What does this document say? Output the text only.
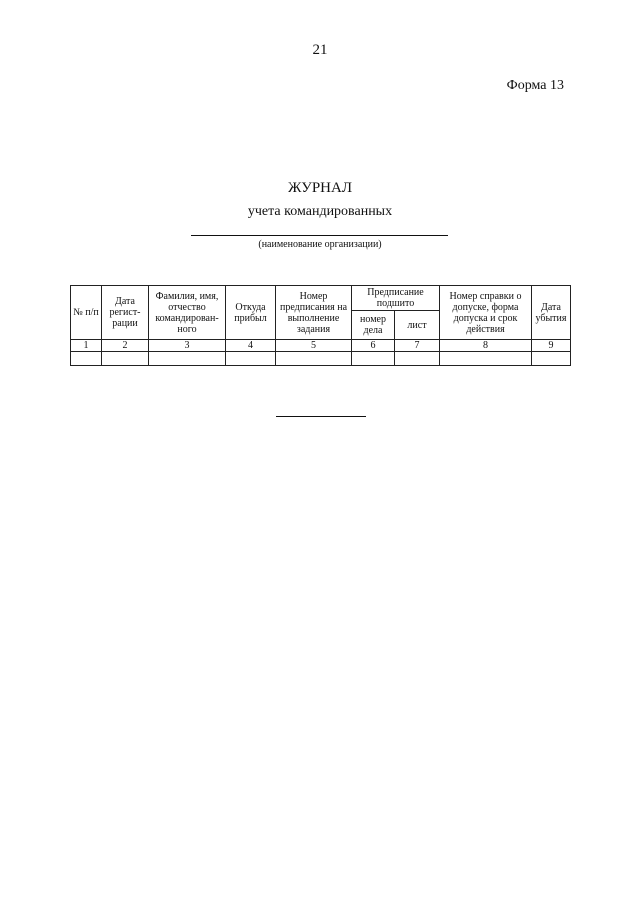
21
Форма 13
ЖУРНАЛ
учета командированных
(наименование организации)
№ п/п	Дата регист-рации	Фамилия, имя, отчество командирован-ного	Откуда прибыл	Номер предписания на выполнение задания	Предписание подшито		Номер справки о допуске, форма допуска и срок действия	Дата убытия
					номер дела	лист		
1	2	3	4	5	6	7	8	9
